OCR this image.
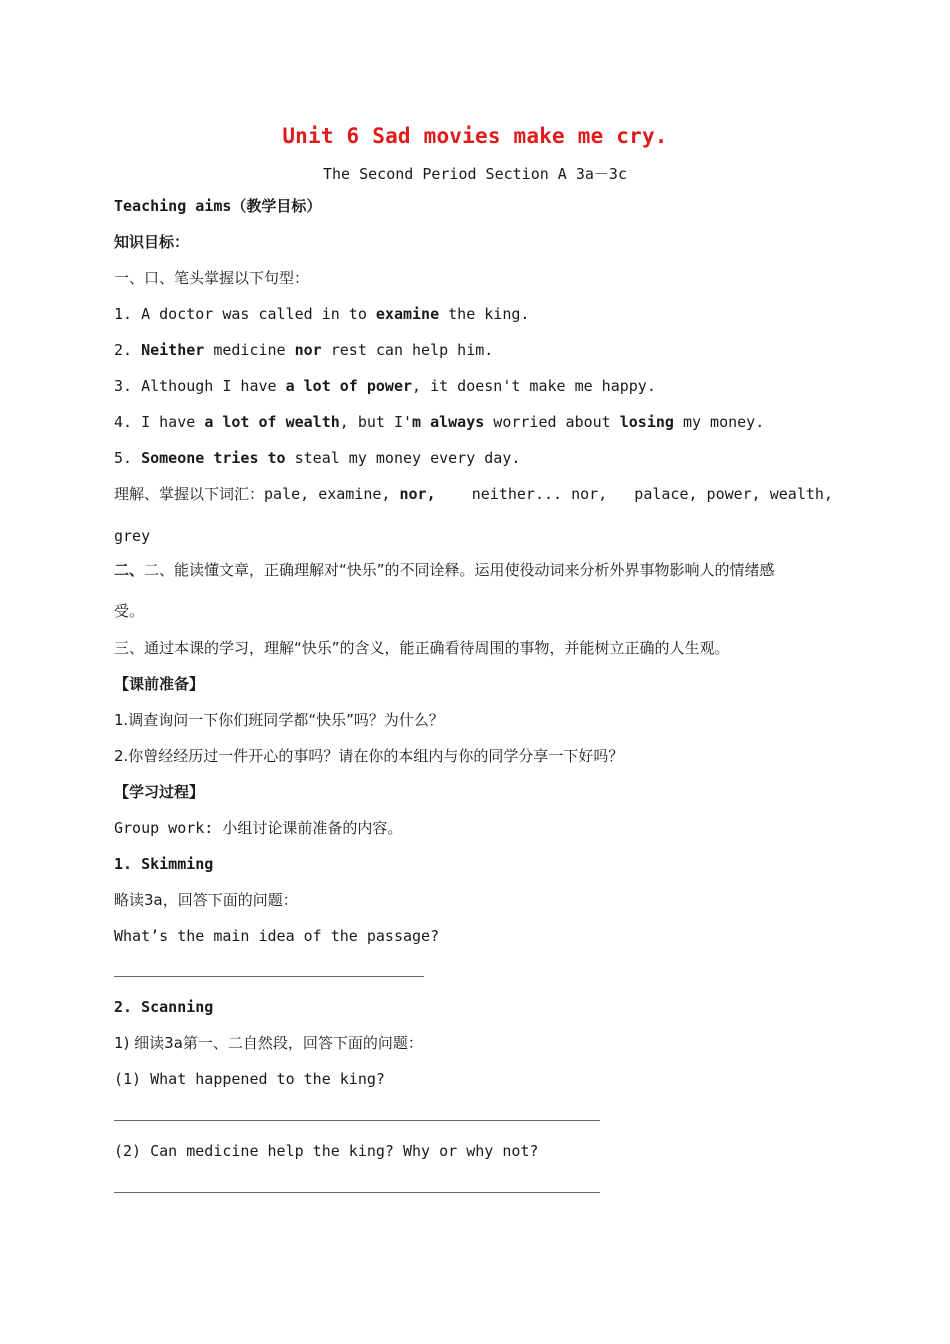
Unit 6 Sad movies make me cry.
The Second Period Section A 3a－3c
Teaching aims（教学目标）
知识目标：
一、口、笔头掌握以下句型：
1. A doctor was called in to examine the king.
2. Neither medicine nor rest can help him.
3. Although I have a lot of power, it doesn't make me happy.
4. I have a lot of wealth, but I'm always worried about losing my money.
5. Someone tries to steal my money every day.
理解、掌握以下词汇：pale, examine, nor,    neither... nor,   palace, power, wealth,
grey
二、二、能读懂文章，正确理解对“快乐”的不同诠释。运用使役动词来分析外界事物影响人的情绪感
受。
三、通过本课的学习，理解“快乐”的含义，能正确看待周围的事物，并能树立正确的人生观。
【课前准备】
1.调查询问一下你们班同学都“快乐”吗？为什么？
2.你曾经经历过一件开心的事吗？请在你的本组内与你的同学分享一下好吗？
【学习过程】
Group work: 小组讨论课前准备的内容。
1. Skimming
略读3a，回答下面的问题：
What’s the main idea of the passage?
2. Scanning
1) 细读3a第一、二自然段，回答下面的问题：
(1) What happened to the king?
(2) Can medicine help the king? Why or why not?
